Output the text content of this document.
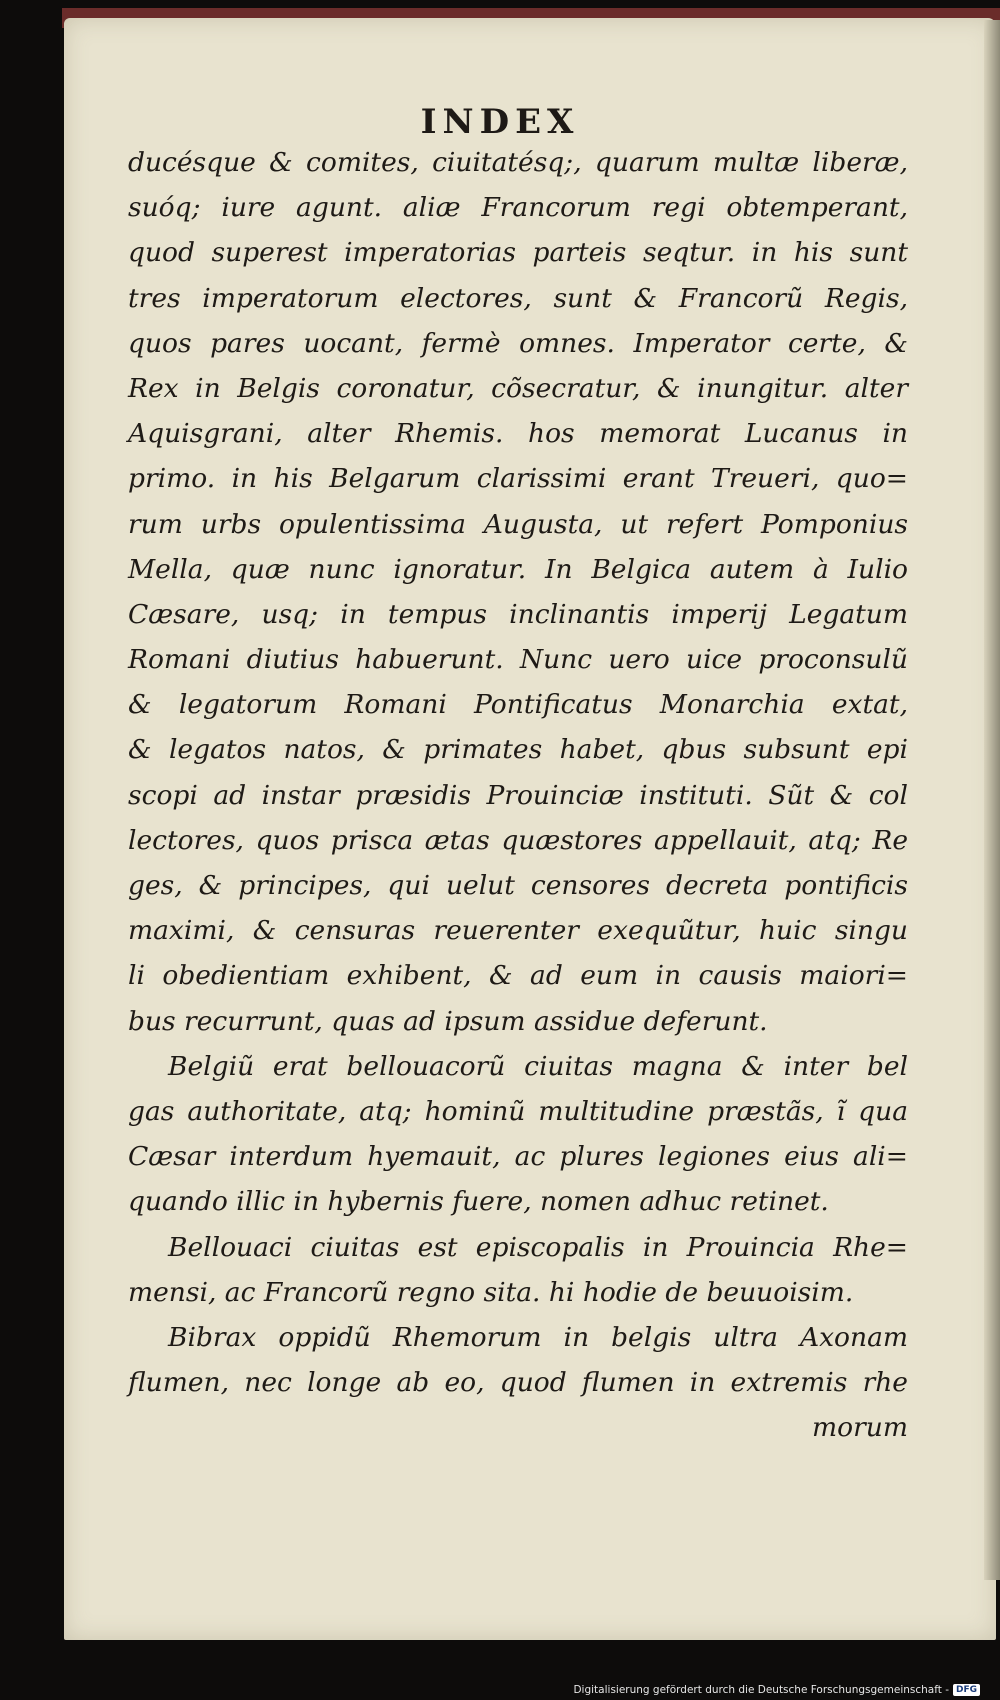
INDEX
ducésque & comites, ciuitatésq;, quarum multæ liberæ,
suóq; iure agunt. aliæ Francorum regi obtemperant,
quod superest imperatorias parteis seqtur. in his sunt
tres imperatorum electores, sunt & Francorũ Regis,
quos pares uocant, fermè omnes. Imperator certe, &
Rex in Belgis coronatur, cõsecratur, & inungitur. alter
Aquisgrani, alter Rhemis. hos memorat Lucanus in
primo. in his Belgarum clarissimi erant Treueri, quo=
rum urbs opulentissima Augusta, ut refert Pomponius
Mella, quæ nunc ignoratur. In Belgica autem à Iulio
Cæsare, usq; in tempus inclinantis imperij Legatum
Romani diutius habuerunt. Nunc uero uice proconsulũ
& legatorum Romani Pontificatus Monarchia extat,
& legatos natos, & primates habet, qbus subsunt epi
scopi ad instar præsidis Prouinciæ instituti. Sũt & col
lectores, quos prisca ætas quæstores appellauit, atq; Re
ges, & principes, qui uelut censores decreta pontificis
maximi, & censuras reuerenter exequũtur, huic singu
li obedientiam exhibent, & ad eum in causis maiori=
bus recurrunt, quas ad ipsum assidue deferunt.
Belgiũ erat bellouacorũ ciuitas magna & inter bel
gas authoritate, atq; hominũ multitudine præstãs, ĩ qua
Cæsar interdum hyemauit, ac plures legiones eius ali=
quando illic in hybernis fuere, nomen adhuc retinet.
Bellouaci ciuitas est episcopalis in Prouincia Rhe=
mensi, ac Francorũ regno sita. hi hodie de beuuoisim.
Bibrax oppidũ Rhemorum in belgis ultra Axonam
flumen, nec longe ab eo, quod flumen in extremis rhe
morum
Digitalisierung gefördert durch die Deutsche Forschungsgemeinschaft - DFG
